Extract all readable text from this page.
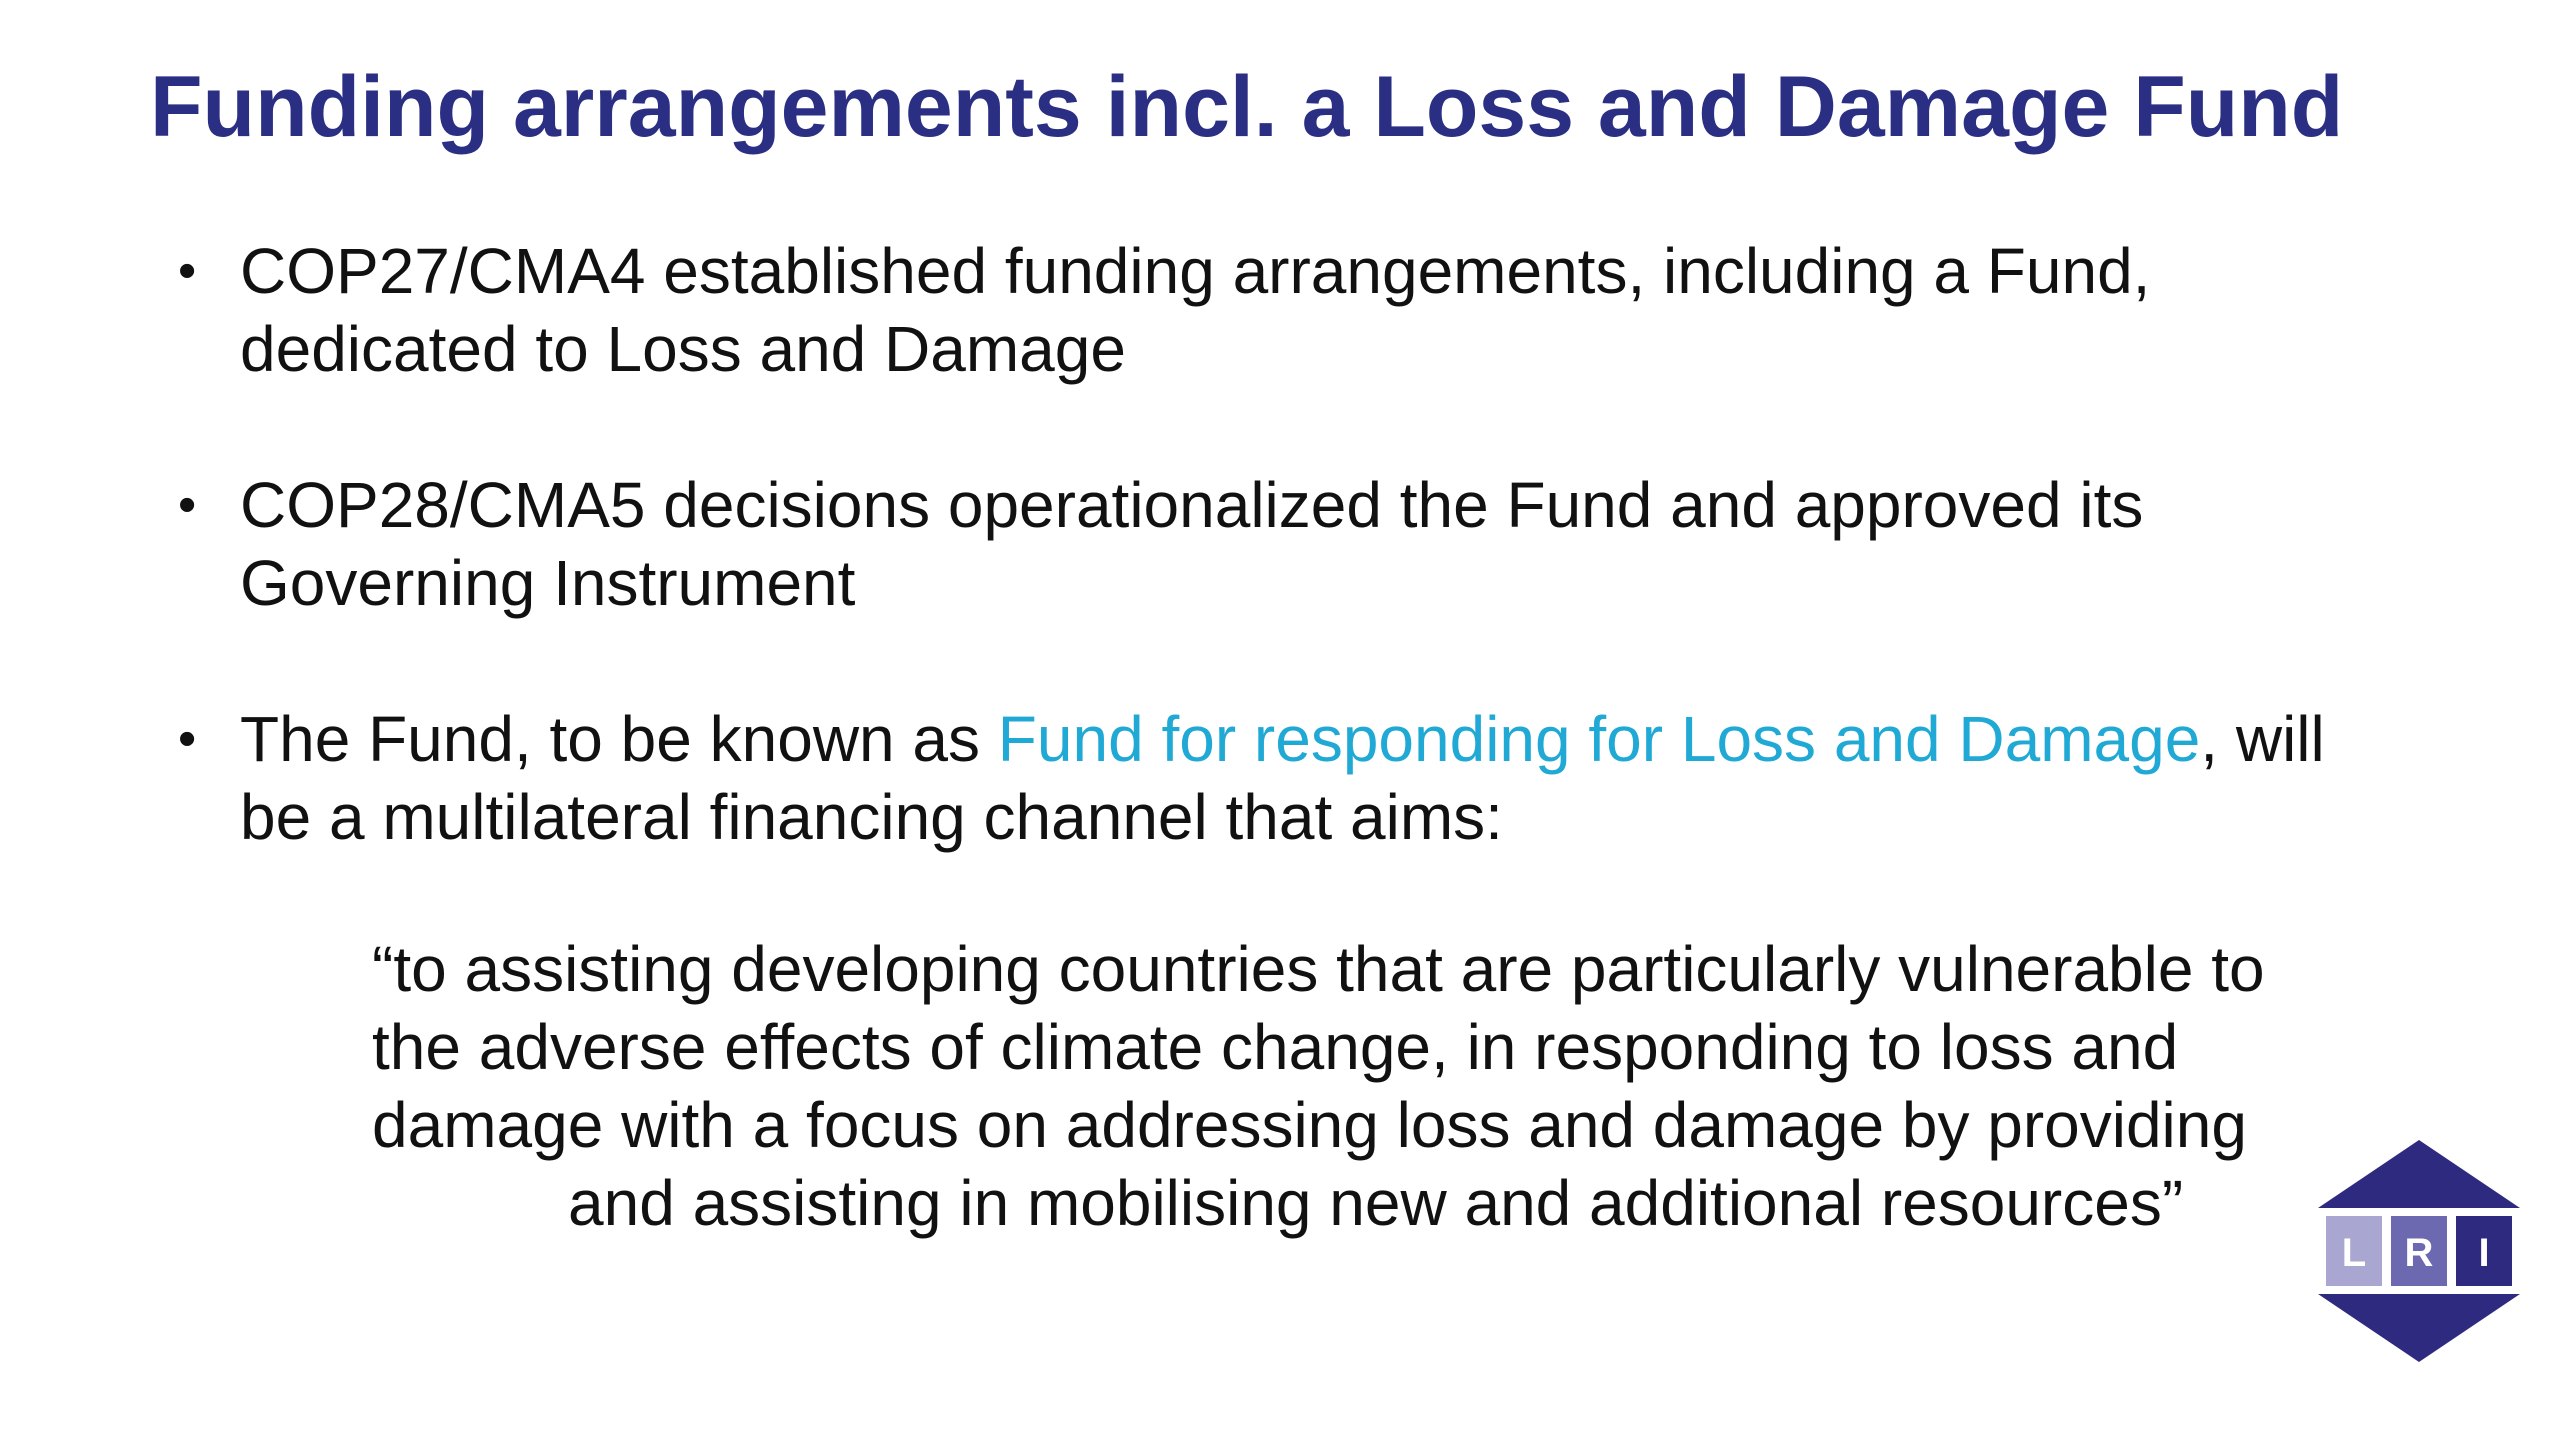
Funding arrangements incl. a Loss and Damage Fund
• COP27/CMA4 established funding arrangements, including a Fund, dedicated to Loss and Damage
• COP28/CMA5 decisions operationalized the Fund and approved its Governing Instrument
• The Fund, to be known as Fund for responding for Loss and Damage, will be a multilateral financing channel that aims:
“to assisting developing countries that are particularly vulnerable to
the adverse effects of climate change, in responding to loss and
damage with a focus on addressing loss and damage by providing
and assisting in mobilising new and additional resources”
L R I
